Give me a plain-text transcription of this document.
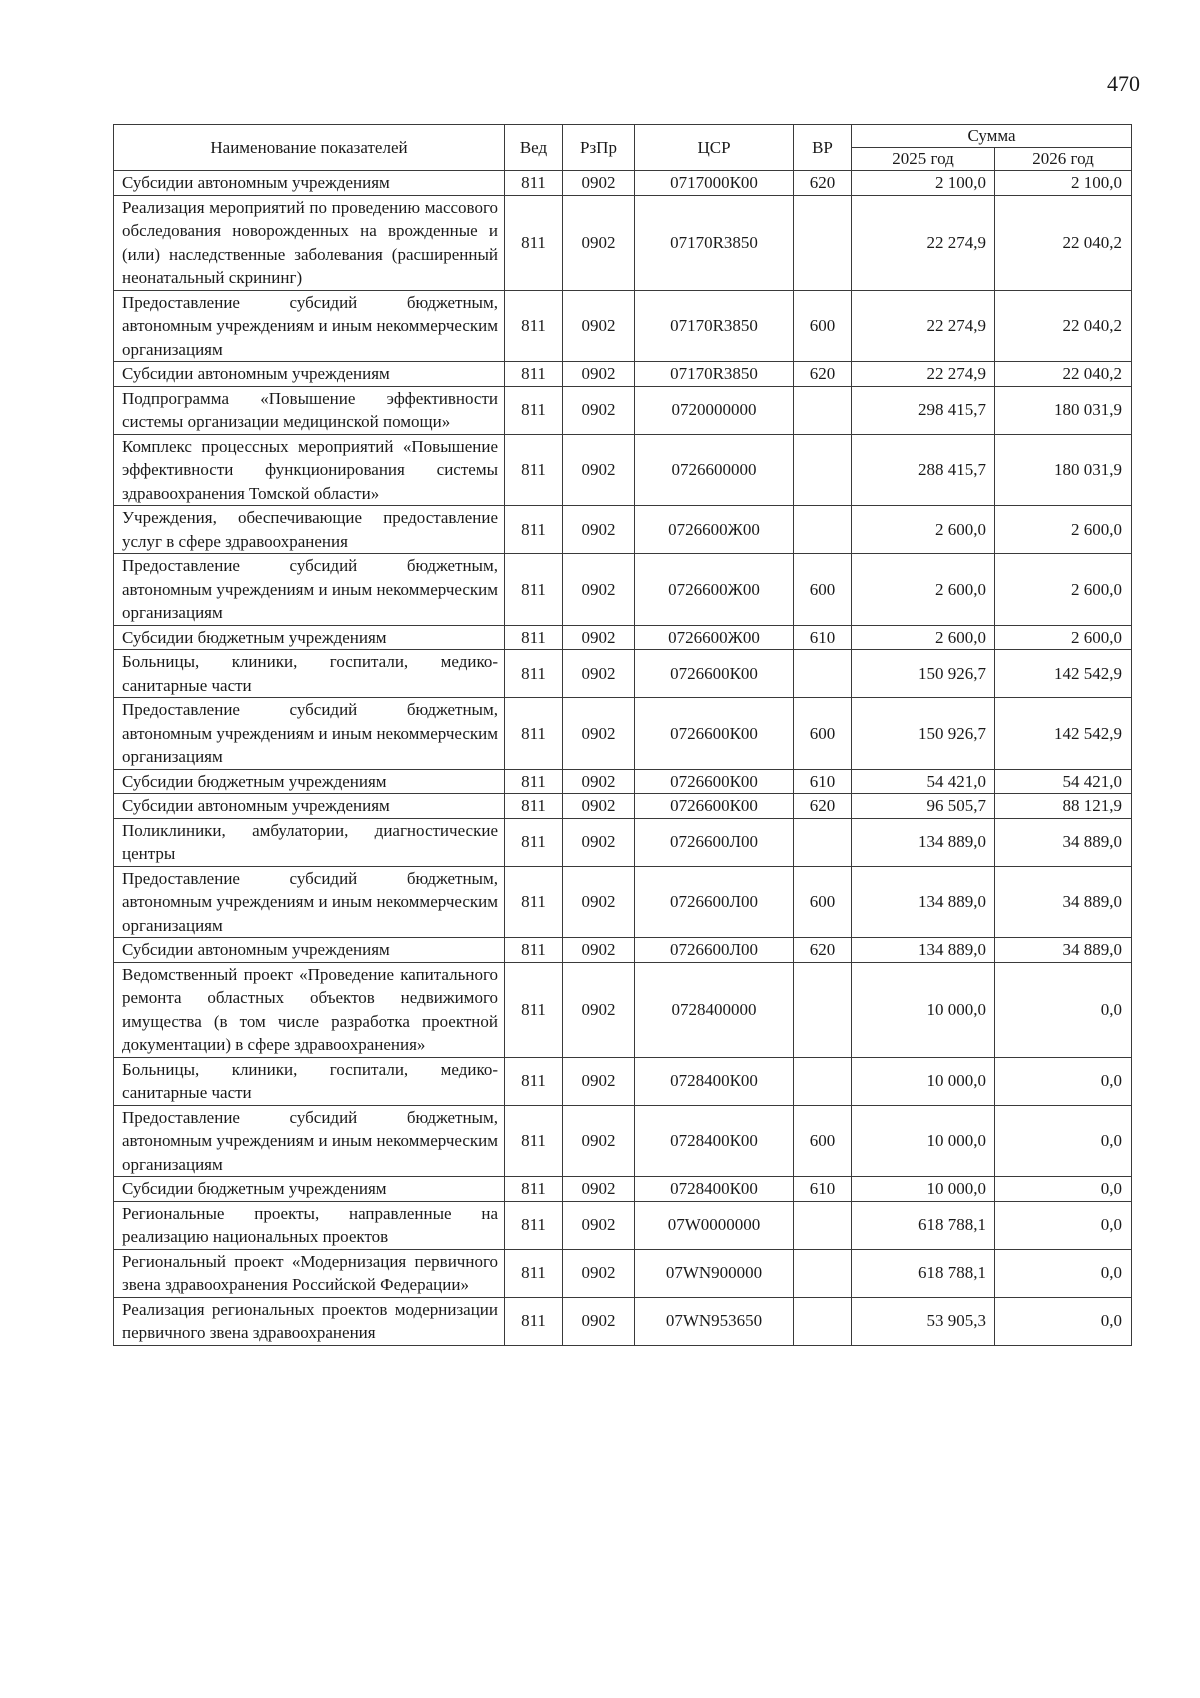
470
Наименование показателей	Вед	РзПр	ЦСР	ВР	Сумма	
					2025 год	2026 год
Субсидии автономным учреждениям	811	0902	0717000К00	620	2 100,0	2 100,0
Реализация мероприятий по проведению массового обследования новорожденных на врожденные и (или) наследственные заболевания (расширенный неонатальный скрининг)	811	0902	07170R3850		22 274,9	22 040,2
Предоставление субсидий бюджетным, автономным учреждениям и иным некоммерческим организациям	811	0902	07170R3850	600	22 274,9	22 040,2
Субсидии автономным учреждениям	811	0902	07170R3850	620	22 274,9	22 040,2
Подпрограмма «Повышение эффективности системы организации медицинской помощи»	811	0902	0720000000		298 415,7	180 031,9
Комплекс процессных мероприятий «Повышение эффективности функционирования системы здравоохранения Томской области»	811	0902	0726600000		288 415,7	180 031,9
Учреждения, обеспечивающие предоставление услуг в сфере здравоохранения	811	0902	0726600Ж00		2 600,0	2 600,0
Предоставление субсидий бюджетным, автономным учреждениям и иным некоммерческим организациям	811	0902	0726600Ж00	600	2 600,0	2 600,0
Субсидии бюджетным учреждениям	811	0902	0726600Ж00	610	2 600,0	2 600,0
Больницы, клиники, госпитали, медико-санитарные части	811	0902	0726600К00		150 926,7	142 542,9
Предоставление субсидий бюджетным, автономным учреждениям и иным некоммерческим организациям	811	0902	0726600К00	600	150 926,7	142 542,9
Субсидии бюджетным учреждениям	811	0902	0726600К00	610	54 421,0	54 421,0
Субсидии автономным учреждениям	811	0902	0726600К00	620	96 505,7	88 121,9
Поликлиники, амбулатории, диагностические центры	811	0902	0726600Л00		134 889,0	34 889,0
Предоставление субсидий бюджетным, автономным учреждениям и иным некоммерческим организациям	811	0902	0726600Л00	600	134 889,0	34 889,0
Субсидии автономным учреждениям	811	0902	0726600Л00	620	134 889,0	34 889,0
Ведомственный проект «Проведение капитального ремонта областных объектов недвижимого имущества (в том числе разработка проектной документации) в сфере здравоохранения»	811	0902	0728400000		10 000,0	0,0
Больницы, клиники, госпитали, медико-санитарные части	811	0902	0728400К00		10 000,0	0,0
Предоставление субсидий бюджетным, автономным учреждениям и иным некоммерческим организациям	811	0902	0728400К00	600	10 000,0	0,0
Субсидии бюджетным учреждениям	811	0902	0728400К00	610	10 000,0	0,0
Региональные проекты, направленные на реализацию национальных проектов	811	0902	07W0000000		618 788,1	0,0
Региональный проект «Модернизация первичного звена здравоохранения Российской Федерации»	811	0902	07WN900000		618 788,1	0,0
Реализация региональных проектов модернизации первичного звена здравоохранения	811	0902	07WN953650		53 905,3	0,0
